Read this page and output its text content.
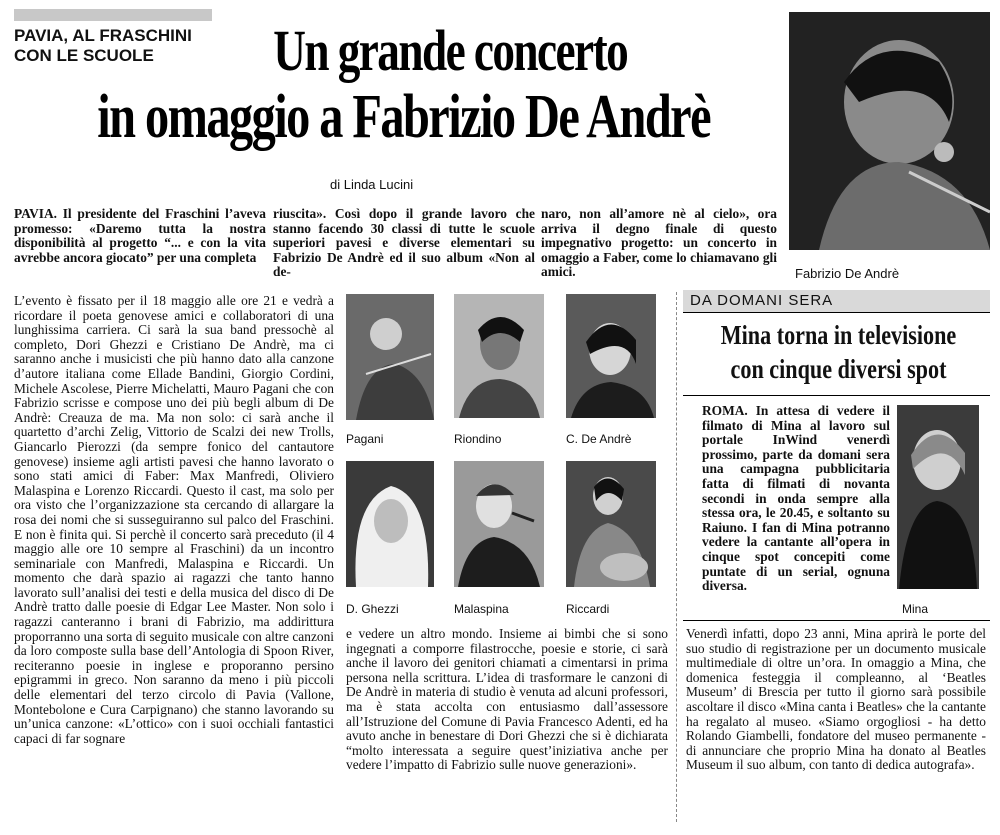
PAVIA, AL FRASCHINI
CON LE SCUOLE	Un grande concerto
in omaggio a Fabrizio De Andrè
di Linda Lucini
Fabrizio De Andrè
PAVIA. Il presidente del Fraschini l’aveva promesso: «Daremo tutta la nostra disponibilità al progetto “... e con la vita avrebbe ancora giocato” per una completa
riuscita». Così dopo il grande lavoro che stanno facendo 30 classi di tutte le scuole superiori pavesi e diverse elementari su Fabrizio De Andrè ed il suo album «Non al de-
naro, non all’amore nè al cielo», ora arriva il degno finale di questo impegnativo progetto: un concerto in omaggio a Faber, come lo chiamavano gli amici.
L’evento è fissato per il 18 maggio alle ore 21 e vedrà a ricordare il poeta genovese amici e collaboratori di una lunghissima carriera. Ci sarà la sua band pressochè al completo, Dori Ghezzi e Cristiano De Andrè, ma ci saranno anche i musicisti che più hanno dato alla canzone d’autore italiana come Ellade Bandini, Giorgio Cordini, Michele Ascolese, Pierre Michelatti, Mauro Pagani che con Fabrizio scrisse e compose uno dei più begli album di De Andrè: Creauza de ma. Ma non solo: ci sarà anche il quartetto d’archi Zelig, Vittorio de Scalzi dei new Trolls, Giancarlo Pierozzi (da sempre fonico del cantautore genovese) insieme agli artisti pavesi che hanno lavorato o sono stati amici di Faber: Max Manfredi, Oliviero Malaspina e Lorenzo Riccardi. Questo il cast, ma solo per ora visto che l’organizzazione sta cercando di allargare la rosa dei nomi che si susseguiranno sul palco del Fraschini. E non è finita qui. Si perchè il concerto sarà preceduto (il 4 maggio alle ore 10 sempre al Fraschini) da un incontro seminariale con Manfredi, Malaspina e Riccardi. Un momento che darà spazio ai ragazzi che tanto hanno lavorato sull’analisi dei testi e della musica del disco di De Andrè tratto dalle poesie di Edgar Lee Master. Non solo i ragazzi canteranno i brani di Fabrizio, ma addirittura proporranno una sorta di seguito musicale con altre canzoni da loro composte sulla base dell’Antologia di Spoon River, reciteranno poesie in inglese e proporanno persino epigrammi in greco. Non saranno da meno i più piccoli delle elementari del terzo circolo di Pavia (Vallone, Montebolone e Cura Carpignano) che stanno lavorando su un’unica canzone: «L’ottico» con i suoi occhiali fantastici capaci di far sognare
Pagani	Riondino	C. De Andrè
D. Ghezzi	Malaspina	Riccardi
e vedere un altro mondo. Insieme ai bimbi che si sono ingegnati a comporre filastrocche, poesie e storie, ci sarà anche il lavoro dei genitori chiamati a cimentarsi in prima persona nella scrittura. L’idea di trasformare le canzoni di De Andrè in materia di studio è venuta ad alcuni professori, ma è stata accolta con entusiasmo dall’assessore all’Istruzione del Comune di Pavia Francesco Adenti, ed ha avuto anche in benestare di Dori Ghezzi che si è dichiarata “molto interessata a seguire quest’iniziativa anche per vedere l’impatto di Fabrizio sulle nuove generazioni».
DA DOMANI SERA
Mina torna in televisione
con cinque diversi spot
ROMA. In attesa di vedere il filmato di Mina al lavoro sul portale InWind venerdì prossimo, parte da domani sera una campagna pubblicitaria fatta di filmati di novanta secondi in onda sempre alla stessa ora, le 20.45, e soltanto su Raiuno. I fan di Mina potranno vedere la cantante all’opera in cinque spot concepiti come puntate di un serial, ognuna diversa.
Mina
Venerdì infatti, dopo 23 anni, Mina aprirà le porte del suo studio di registrazione per un documento musicale multimediale di oltre un’ora. In omaggio a Mina, che domenica festeggia il compleanno, al ‘Beatles Museum’ di Brescia per tutto il giorno sarà possibile ascoltare il disco «Mina canta i Beatles» che la cantante ha regalato al museo. «Siamo orgogliosi - ha detto Rolando Giambelli, fondatore del museo permanente - di annunciare che proprio Mina ha donato al Beatles Museum il suo album, con tanto di dedica autografa».
